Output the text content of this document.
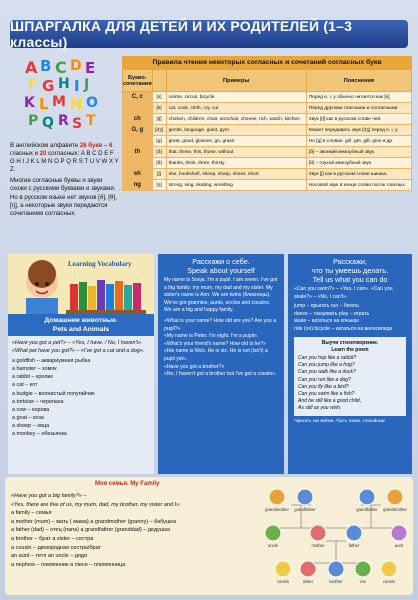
ШПАРГАЛКА ДЛЯ ДЕТЕЙ И ИХ РОДИТЕЛЕЙ (1–3 классы)
A B C D E
F G H I J
K L M N O
P Q R S T

В английском алфавите 26 букв – 6 гласных и 20 согласных: A B C D E F G H I J K L M N O P Q R S T U V W X Y Z.

Многие согласные буквы и звуки схожи с русскими буквами и звуками. Но в русском языке нет звуков [ð], [θ], [ŋ], а некоторые звуки передаются сочетанием согласных.

Правила чтения некоторых согласных и сочетаний согласных букв
Букво-сочетания		Примеры	Пояснения
C, c	[s]	centre, circus, bicycle	Перед e, i, y обычно читается как [s]
	[k]	cat, cook, cloth, cry, cut	Перед другими гласными и согласными
ch	[tʃ]	chicken, children, chair, armchair, cheese, rich, watch, kitchen	Звук [tʃ] как в русском слове чей.
G, g	[dʒ]	gentle, language, giant, gym	Может передавать звук [dʒ] перед e, i, y
	[g]	great, good, glasses, go, grass	Но [g] в словах: girl, get, gift, give и др.
th	[ð]	that, these, this, those, without	[ð] – звонкий межзубный звук
	[θ]	thanks, think, three, thirsty	[θ] – глухой межзубный звук
sh	[ʃ]	she, bookshelf, sheep, sharp, shoes, short	Звук [ʃ] как в русском слове шишка.
ng	[ŋ]	strong, sing, skating, wrestling	Носовой звук в конце слова после гласных.
Learning Vocabulary
Домашние животные.
Pets and Animals
«Have you got a pet?» – «Yes, I have. / No, I haven't». «What pet have you got?» – «I've got a cat and a dog».
a goldfish – аквариумная рыбка
a hamster – хомяк
a rabbit – кролик
a cat – кот
a budgie – волнистый попугайчик
a tortoise – черепаха
a cow – корова
a goat – коза
a sheep – овца
a monkey – обезьянка
Расскажи о себе.
Speak about yourself
My name is Sonja. I'm a pupil. I am seven. I've got a big family: my mum, my dad and my sister. My sister's name is Ann. We are twins (близнецы). We've got grannies, aunts, uncles and cousins. We are a big and happy family.
«What is your name? How old are you? Are you a pupil?»
«My name is Peter. I'm eight. I'm a pupil».
«What's your friend's name? How old is he?»
«His name is Nick. He is six. He is not (isn't) a pupil yet».
«Have you got a brother?»
«No, I haven't got a brother but I've got a cousin».
Расскажи,
что ты умеешь делать.
Tell us what you can do
«Can you swim?» – «Yes, I can». «Can you skate?» – «No, I can't».
jump – прыгать run – бегать
dance – танцевать play – играть
skate – кататься на коньках
ride (on) bicycle – кататься на велосипеде
Выучи стихотворение.
Learn the poem
Can you hop like a rabbit?
Can you jump like a frog?
Can you walk like a duck?
Can you run like a dog?
Can you fly like a bird?
Can you swim like a fish?
And be still like a good child,
As still as you wish.
*прыгать как зайчик, *быть тихим, спокойным
Моя семья. My Family
«Have you got a big family?» –
«Yes, there are five of us, my mum, dad, my brother, my sister and I».
a family – семья
a mother (mum) – мать ( мама) a grandmother (granny) – бабушка
a father (dad) – отец (папа) a grandfather (granddad) – дедушка
a brother – брат a sister – сестра
a cousin – двоюродная сестра/брат
an aunt – тетя an uncle – дядя
a nephew – племянник a niece – племянница
grandmother grandfather	grandfather grandmother
uncle	mother	father	aunt
cousin	sister	brother	me	cousin
